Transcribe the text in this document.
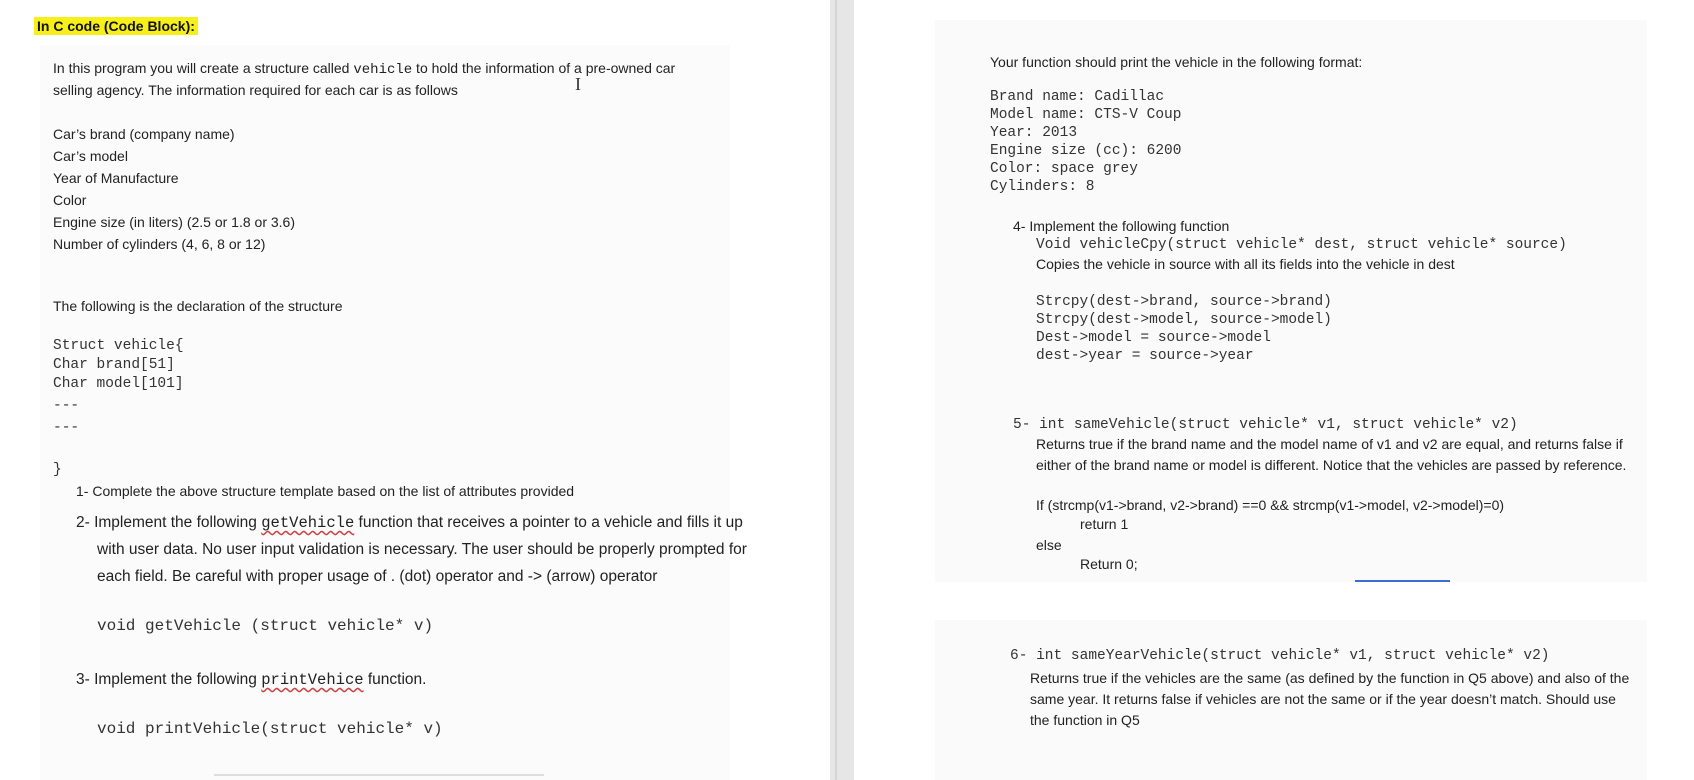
In C code (Code Block):
In this program you will create a structure called vehicle to hold the information of a pre-owned car
I
selling agency. The information required for each car is as follows
Car’s brand (company name)
Car’s model
Year of Manufacture
Color
Engine size (in liters) (2.5 or 1.8 or 3.6)
Number of cylinders (4, 6, 8 or 12)
The following is the declaration of the structure
Struct vehicle{
Char brand[51]
Char model[101]
---
---
}
1- Complete the above structure template based on the list of attributes provided
2- Implement the following getVehicle function that receives a pointer to a vehicle and fills it up
with user data. No user input validation is necessary. The user should be properly prompted for
each field. Be careful with proper usage of . (dot) operator and -> (arrow) operator
void getVehicle (struct vehicle* v)
3- Implement the following printVehice function.
void printVehicle(struct vehicle* v)
Your function should print the vehicle in the following format:
Brand name: Cadillac
Model name: CTS-V Coup
Year: 2013
Engine size (cc): 6200
Color: space grey
Cylinders: 8
4- Implement the following function
Void vehicleCpy(struct vehicle* dest, struct vehicle* source)
Copies the vehicle in source with all its fields into the vehicle in dest
Strcpy(dest->brand, source->brand)
Strcpy(dest->model, source->model)
Dest->model = source->model
dest->year = source->year
5- int sameVehicle(struct vehicle* v1, struct vehicle* v2)
Returns true if the brand name and the model name of v1 and v2 are equal, and returns false if
either of the brand name or model is different. Notice that the vehicles are passed by reference.
If (strcmp(v1->brand, v2->brand) ==0 && strcmp(v1->model, v2->model)=0)
return 1
else
Return 0;
6- int sameYearVehicle(struct vehicle* v1, struct vehicle* v2)
Returns true if the vehicles are the same (as defined by the function in Q5 above) and also of the
same year. It returns false if vehicles are not the same or if the year doesn’t match. Should use
the function in Q5
